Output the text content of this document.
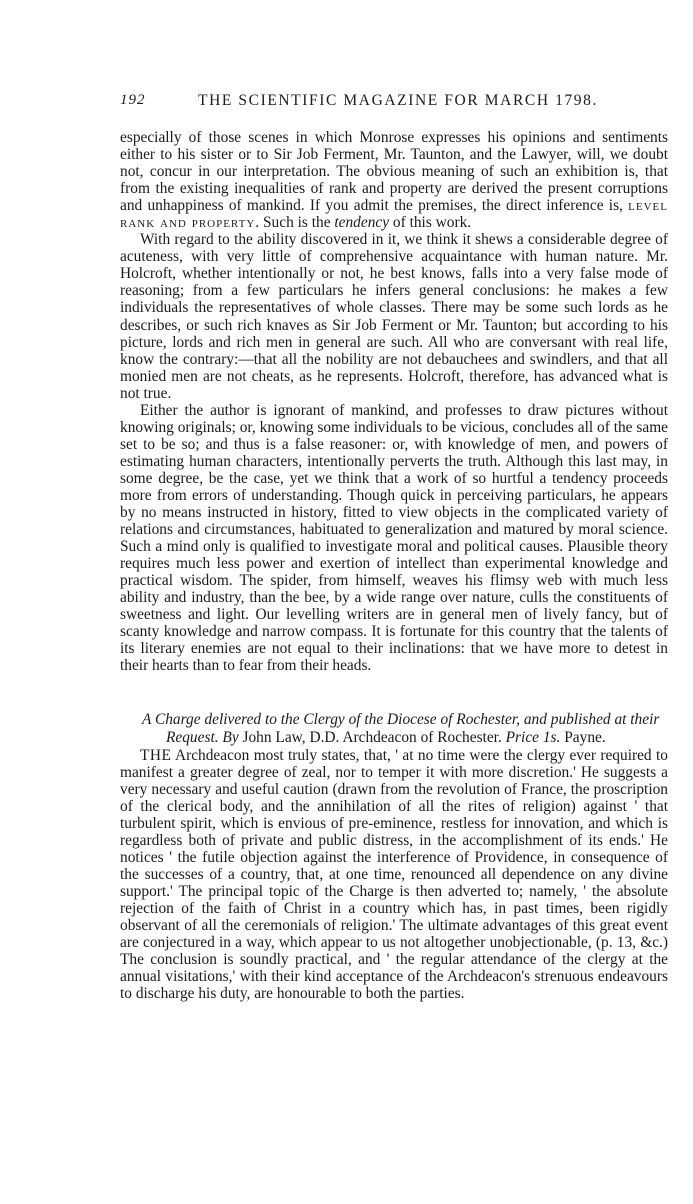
192	THE SCIENTIFIC MAGAZINE FOR MARCH 1798.

especially of those scenes in which Monrose expresses his opinions and sentiments either to his sister or to Sir Job Ferment, Mr. Taunton, and the Lawyer, will, we doubt not, concur in our interpretation. The obvious meaning of such an exhibition is, that from the existing inequalities of rank and property are derived the present corruptions and unhappiness of mankind. If you admit the premises, the direct inference is, level rank and property. Such is the tendency of this work.

With regard to the ability discovered in it, we think it shews a considerable degree of acuteness, with very little of comprehensive acquaintance with human nature. Mr. Holcroft, whether intentionally or not, he best knows, falls into a very false mode of reasoning; from a few particulars he infers general conclusions: he makes a few individuals the representatives of whole classes. There may be some such lords as he describes, or such rich knaves as Sir Job Ferment or Mr. Taunton; but according to his picture, lords and rich men in general are such. All who are conversant with real life, know the contrary:—that all the nobility are not debauchees and swindlers, and that all monied men are not cheats, as he represents. Holcroft, therefore, has advanced what is not true.

Either the author is ignorant of mankind, and professes to draw pictures without knowing originals; or, knowing some individuals to be vicious, concludes all of the same set to be so; and thus is a false reasoner: or, with knowledge of men, and powers of estimating human characters, intentionally perverts the truth. Although this last may, in some degree, be the case, yet we think that a work of so hurtful a tendency proceeds more from errors of understanding. Though quick in perceiving particulars, he appears by no means instructed in history, fitted to view objects in the complicated variety of relations and circumstances, habituated to generalization and matured by moral science. Such a mind only is qualified to investigate moral and political causes. Plausible theory requires much less power and exertion of intellect than experimental knowledge and practical wisdom. The spider, from himself, weaves his flimsy web with much less ability and industry, than the bee, by a wide range over nature, culls the constituents of sweetness and light. Our levelling writers are in general men of lively fancy, but of scanty knowledge and narrow compass. It is fortunate for this country that the talents of its literary enemies are not equal to their inclinations: that we have more to detest in their hearts than to fear from their heads.

A Charge delivered to the Clergy of the Diocese of Rochester, and published at their
Request. By John Law, D.D. Archdeacon of Rochester. Price 1s. Payne.

THE Archdeacon most truly states, that, ' at no time were the clergy ever required to manifest a greater degree of zeal, nor to temper it with more discretion.' He suggests a very necessary and useful caution (drawn from the revolution of France, the proscription of the clerical body, and the annihilation of all the rites of religion) against ' that turbulent spirit, which is envious of pre-eminence, restless for innovation, and which is regardless both of private and public distress, in the accomplishment of its ends.' He notices ' the futile objection against the interference of Providence, in consequence of the successes of a country, that, at one time, renounced all dependence on any divine support.' The principal topic of the Charge is then adverted to; namely, ' the absolute rejection of the faith of Christ in a country which has, in past times, been rigidly observant of all the ceremonials of religion.' The ultimate advantages of this great event are conjectured in a way, which appear to us not altogether unobjectionable, (p. 13, &c.) The conclusion is soundly practical, and ' the regular attendance of the clergy at the annual visitations,' with their kind acceptance of the Archdeacon's strenuous endeavours to discharge his duty, are honourable to both the parties.
